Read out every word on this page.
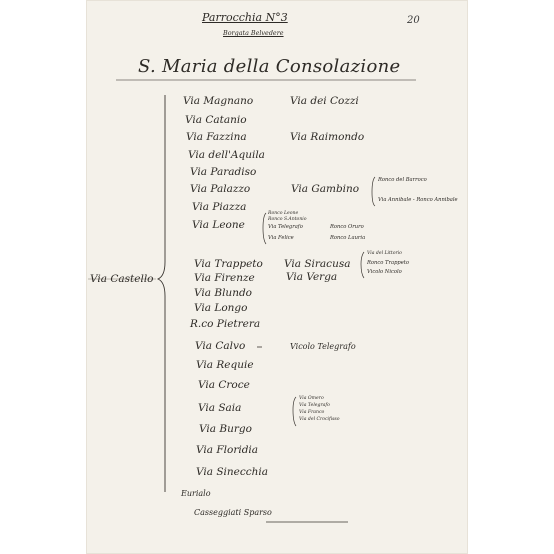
Parrocchia N°3
Borgata Belvedere
20
S. Maria della Consolazione
Via Castello
Via Magnano
Via Catanio
Via Fazzina
Via dell'Aquila
Via Paradiso
Via Palazzo
Via Piazza
Via Leone
Via Trappeto
Via Firenze
Via Blundo
Via Longo
R.co Pietrera
Via Calvo
Via Requie
Via Croce
Via Saia
Via Burgo
Via Floridia
Via Sinecchia
Via dei Cozzi
Via Raimondo
Via Gambino
Via Siracusa
Via Verga
Vicolo Telegrafo
Ronco del Barroco
Via Annibale - Ronco Annibale
Ronco Leone
Ronco S.Antonio
Via Telegrafo
Via Felice
Ronco Oruro
Ronco Lauria
Via del Littorio
Ronco Trappeto
Vicolo Nicolo
Via Omero
Via Telegrafo
Via Franco
Via del Crocifisso
Eurialo
Casseggiati Sparso
